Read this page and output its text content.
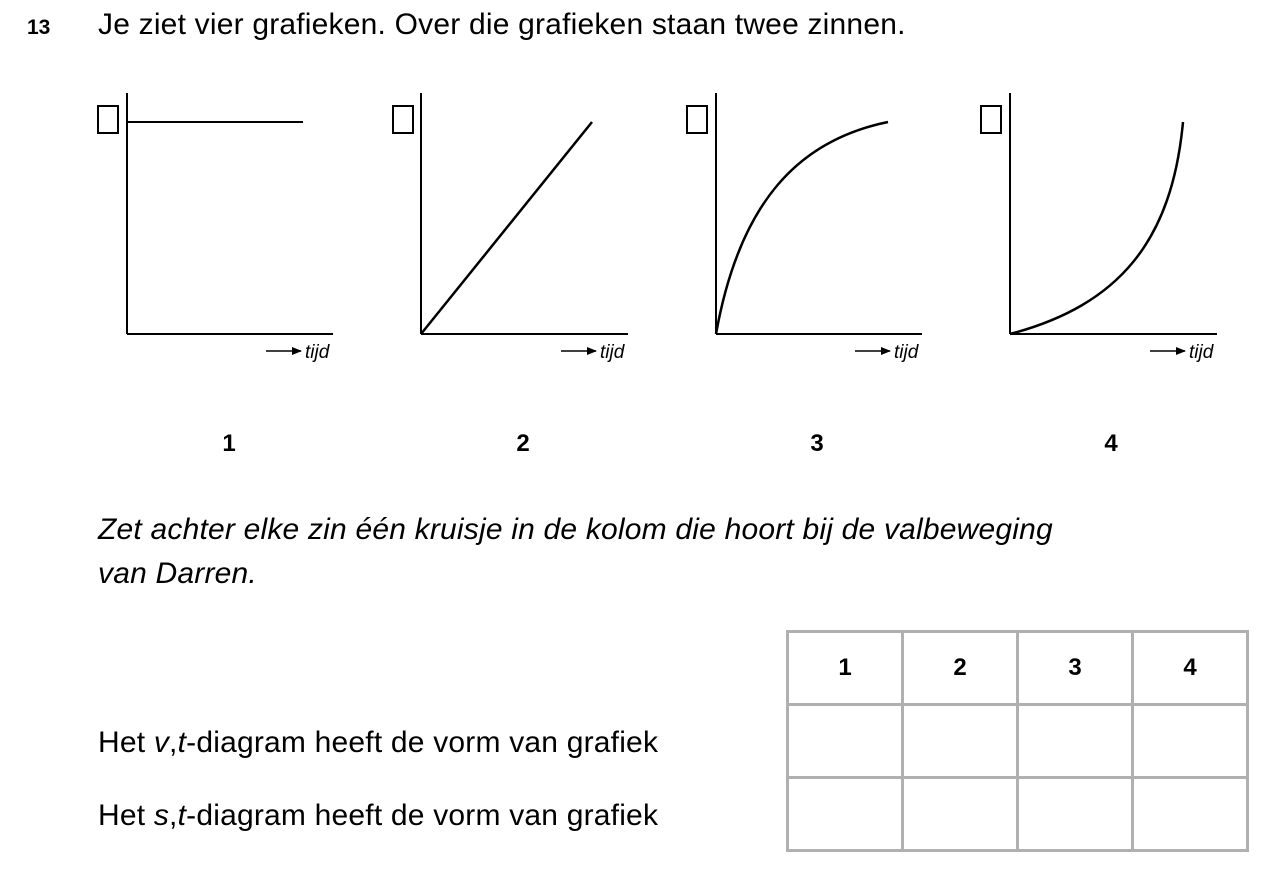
13 Je ziet vier grafieken. Over die grafieken staan twee zinnen.
tijd	tijd	tijd	tijd
1	2	3	4
Zet achter elke zin één kruisje in de kolom die hoort bij de valbeweging
van Darren.
Het v,t-diagram heeft de vorm van grafiek
Het s,t-diagram heeft de vorm van grafiek
1	2	3	4
